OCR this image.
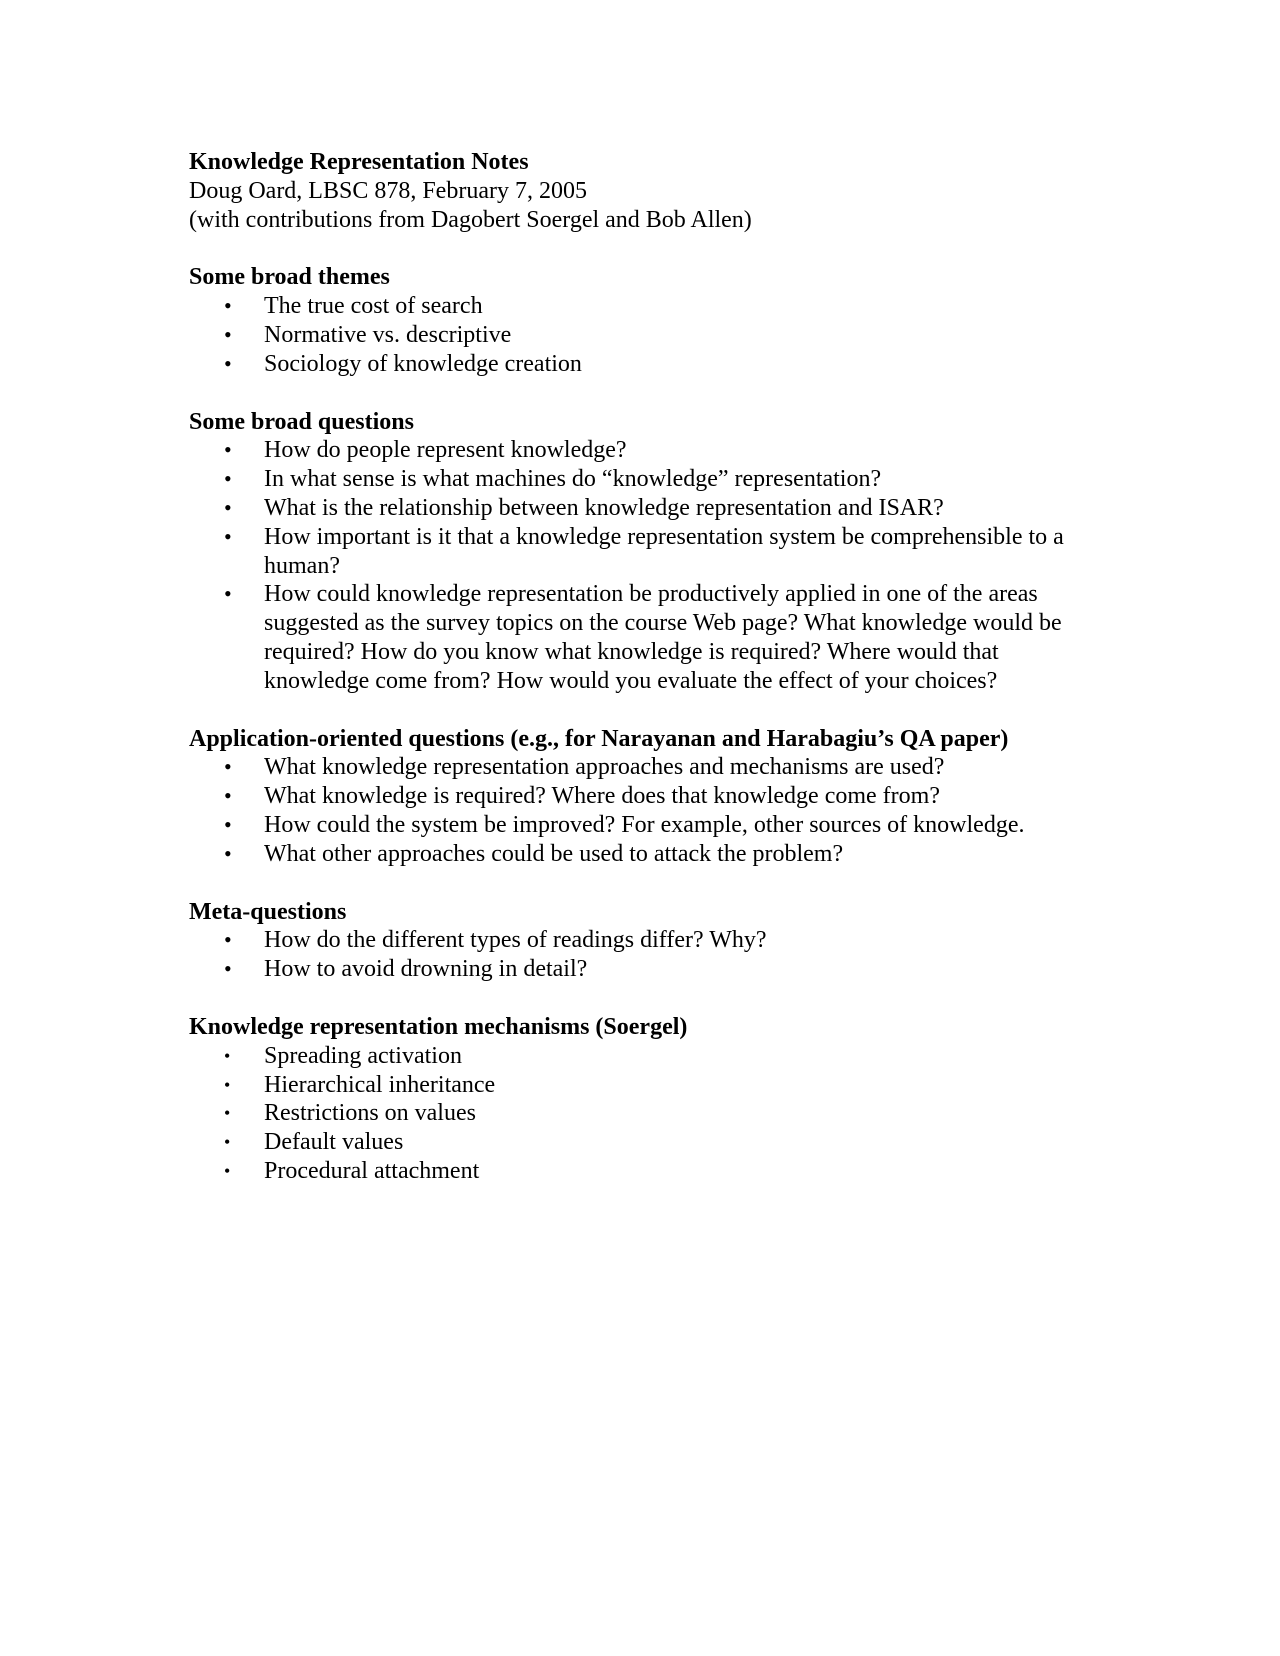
Knowledge Representation Notes

Doug Oard, LBSC 878, February 7, 2005

(with contributions from Dagobert Soergel and Bob Allen)

Some broad themes

• The true cost of search
• Normative vs. descriptive
• Sociology of knowledge creation

Some broad questions

• How do people represent knowledge?
• In what sense is what machines do “knowledge” representation?
• What is the relationship between knowledge representation and ISAR?
• How important is it that a knowledge representation system be comprehensible to a human?
• How could knowledge representation be productively applied in one of the areas suggested as the survey topics on the course Web page? What knowledge would be required? How do you know what knowledge is required? Where would that knowledge come from? How would you evaluate the effect of your choices?

Application-oriented questions (e.g., for Narayanan and Harabagiu’s QA paper)

• What knowledge representation approaches and mechanisms are used?
• What knowledge is required? Where does that knowledge come from?
• How could the system be improved? For example, other sources of knowledge.
• What other approaches could be used to attack the problem?

Meta-questions

• How do the different types of readings differ? Why?
• How to avoid drowning in detail?

Knowledge representation mechanisms (Soergel)

• Spreading activation
• Hierarchical inheritance
• Restrictions on values
• Default values
• Procedural attachment
